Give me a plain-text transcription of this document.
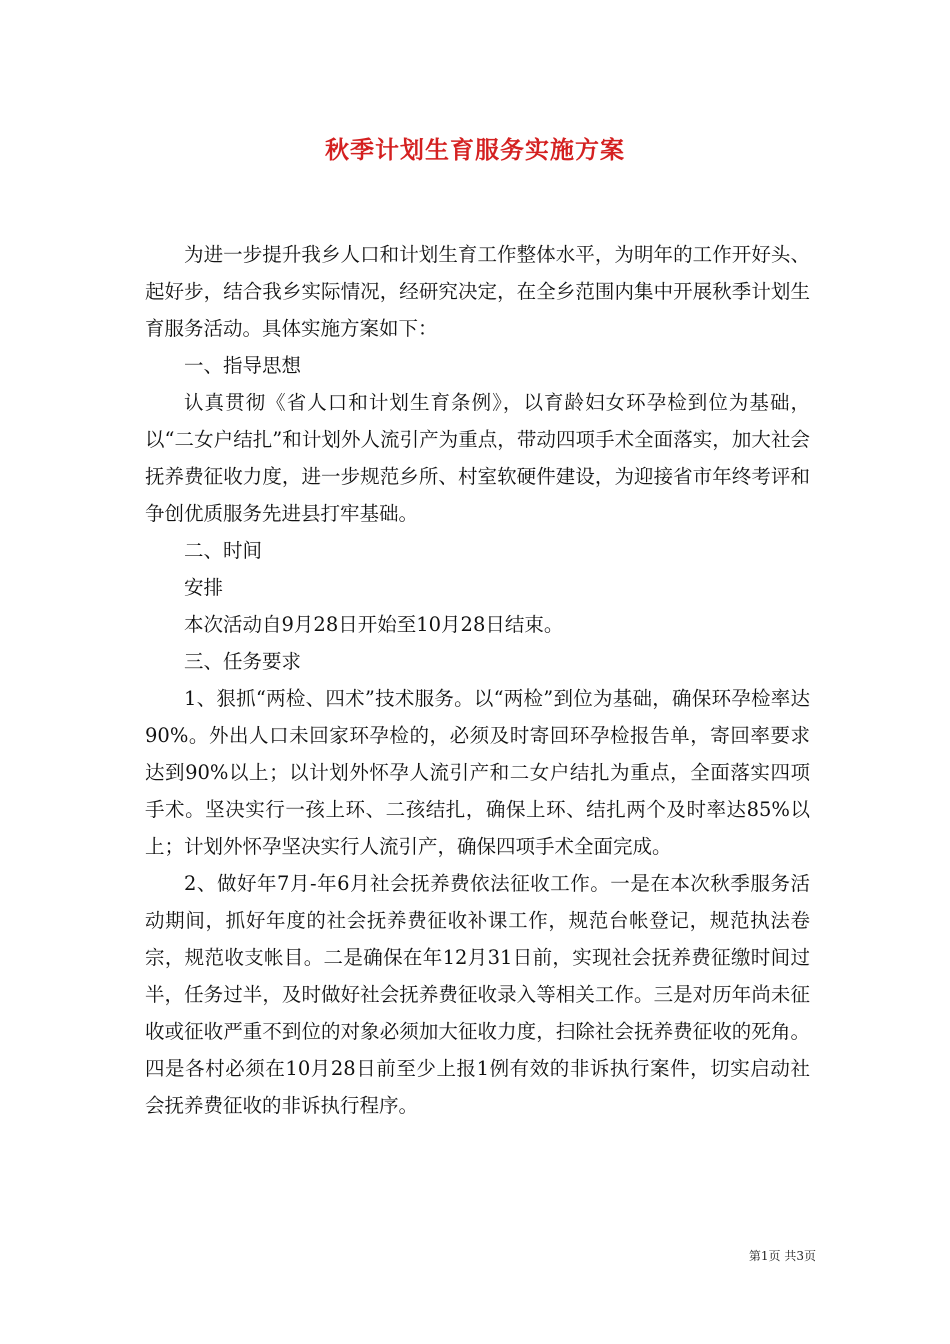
秋季计划生育服务实施方案

为进一步提升我乡人口和计划生育工作整体水平，为明年的工作开好头、起好步，结合我乡实际情况，经研究决定，在全乡范围内集中开展秋季计划生育服务活动。具体实施方案如下：

一、指导思想

认真贯彻《省人口和计划生育条例》，以育龄妇女环孕检到位为基础，以“二女户结扎”和计划外人流引产为重点，带动四项手术全面落实，加大社会抚养费征收力度，进一步规范乡所、村室软硬件建设，为迎接省市年终考评和争创优质服务先进县打牢基础。

二、时间

安排

本次活动自9月28日开始至10月28日结束。

三、任务要求

1、狠抓“两检、四术”技术服务。以“两检”到位为基础，确保环孕检率达90%。外出人口未回家环孕检的，必须及时寄回环孕检报告单，寄回率要求达到90%以上；以计划外怀孕人流引产和二女户结扎为重点，全面落实四项手术。坚决实行一孩上环、二孩结扎，确保上环、结扎两个及时率达85%以上；计划外怀孕坚决实行人流引产，确保四项手术全面完成。

2、做好年7月-年6月社会抚养费依法征收工作。一是在本次秋季服务活动期间，抓好年度的社会抚养费征收补课工作，规范台帐登记，规范执法卷宗，规范收支帐目。二是确保在年12月31日前，实现社会抚养费征缴时间过半，任务过半，及时做好社会抚养费征收录入等相关工作。三是对历年尚未征收或征收严重不到位的对象必须加大征收力度，扫除社会抚养费征收的死角。四是各村必须在10月28日前至少上报1例有效的非诉执行案件，切实启动社会抚养费征收的非诉执行程序。

第1页 共3页
